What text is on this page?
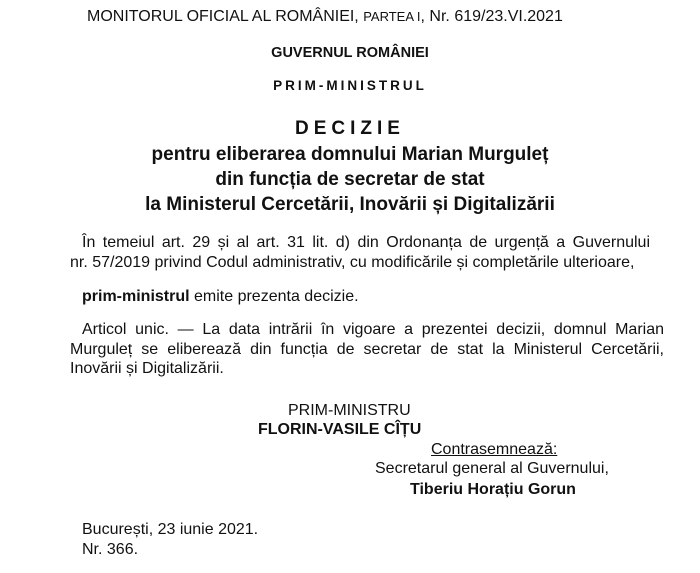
MONITORUL OFICIAL AL ROMÂNIEI, PARTEA I, Nr. 619/23.VI.2021
GUVERNUL ROMÂNIEI
PRIM-MINISTRUL
DECIZIE
pentru eliberarea domnului Marian Murguleț
din funcția de secretar de stat
la Ministerul Cercetării, Inovării și Digitalizării
În temeiul art. 29 și al art. 31 lit. d) din Ordonanța de urgență a Guvernului
nr. 57/2019 privind Codul administrativ, cu modificările și completările ulterioare,
prim-ministrul emite prezenta decizie.
Articol unic. — La data intrării în vigoare a prezentei decizii, domnul Marian
Murguleț se eliberează din funcția de secretar de stat la Ministerul Cercetării,
Inovării și Digitalizării.
PRIM-MINISTRU
FLORIN-VASILE CÎȚU
Contrasemnează:
Secretarul general al Guvernului,
Tiberiu Horațiu Gorun
București, 23 iunie 2021.
Nr. 366.
